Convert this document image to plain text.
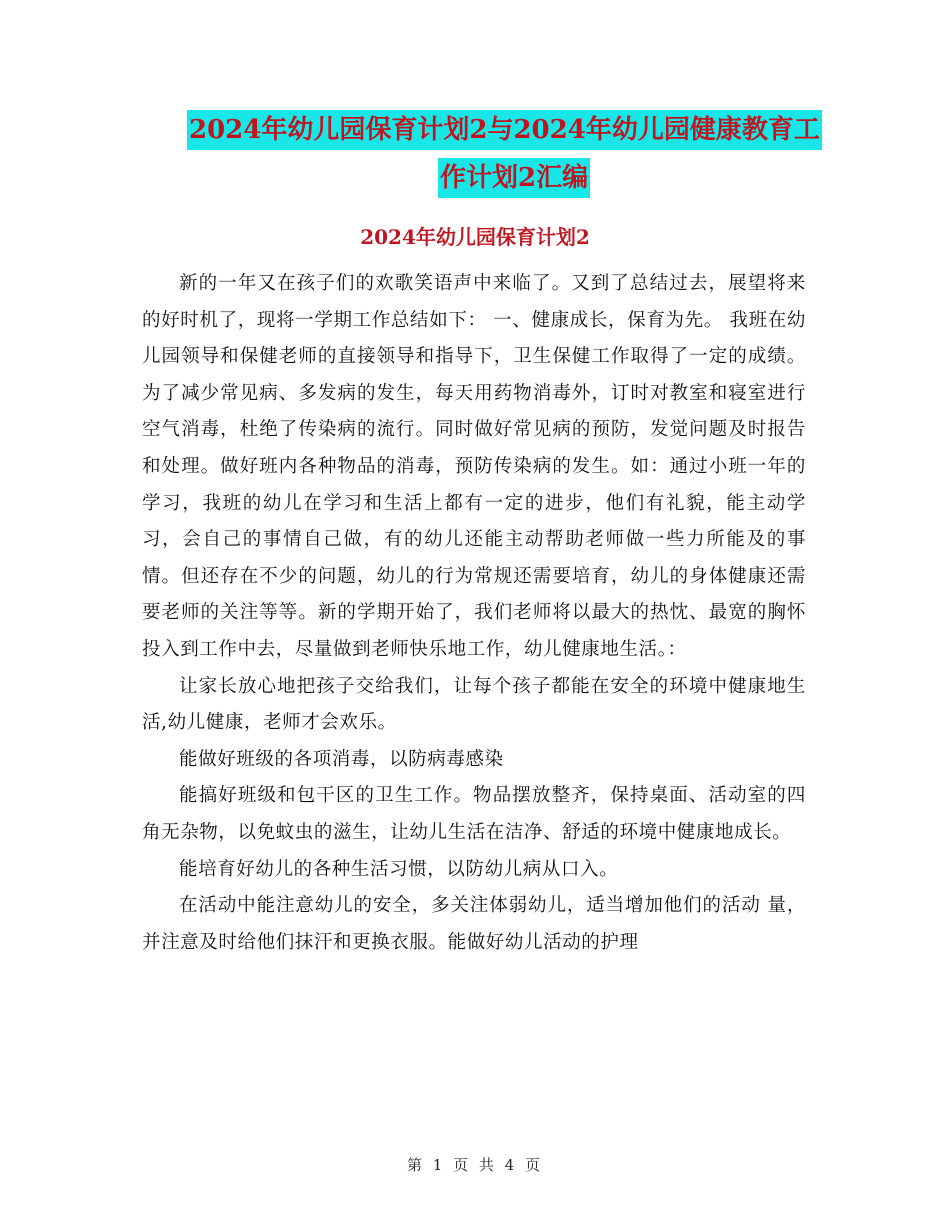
2024年幼儿园保育计划2与2024年幼儿园健康教育工
作计划2汇编
2024年幼儿园保育计划2

新的一年又在孩子们的欢歌笑语声中来临了。又到了总结过去，展望将来的好时机了，现将一学期工作总结如下： 一、健康成长，保育为先。 我班在幼儿园领导和保健老师的直接领导和指导下，卫生保健工作取得了一定的成绩。为了减少常见病、多发病的发生，每天用药物消毒外，订时对教室和寝室进行空气消毒，杜绝了传染病的流行。同时做好常见病的预防，发觉问题及时报告和处理。做好班内各种物品的消毒，预防传染病的发生。如：通过小班一年的学习，我班的幼儿在学习和生活上都有一定的进步，他们有礼貌，能主动学习，会自己的事情自己做，有的幼儿还能主动帮助老师做一些力所能及的事情。但还存在不少的问题，幼儿的行为常规还需要培育，幼儿的身体健康还需要老师的关注等等。新的学期开始了，我们老师将以最大的热忱、最宽的胸怀投入到工作中去，尽量做到老师快乐地工作，幼儿健康地生活。：

让家长放心地把孩子交给我们，让每个孩子都能在安全的环境中健康地生活,幼儿健康，老师才会欢乐。

能做好班级的各项消毒，以防病毒感染

能搞好班级和包干区的卫生工作。物品摆放整齐，保持桌面、活动室的四角无杂物，以免蚊虫的滋生，让幼儿生活在洁净、舒适的环境中健康地成长。

能培育好幼儿的各种生活习惯，以防幼儿病从口入。

在活动中能注意幼儿的安全，多关注体弱幼儿，适当增加他们的活动 量，并注意及时给他们抹汗和更换衣服。能做好幼儿活动的护理

第 1 页 共 4 页
